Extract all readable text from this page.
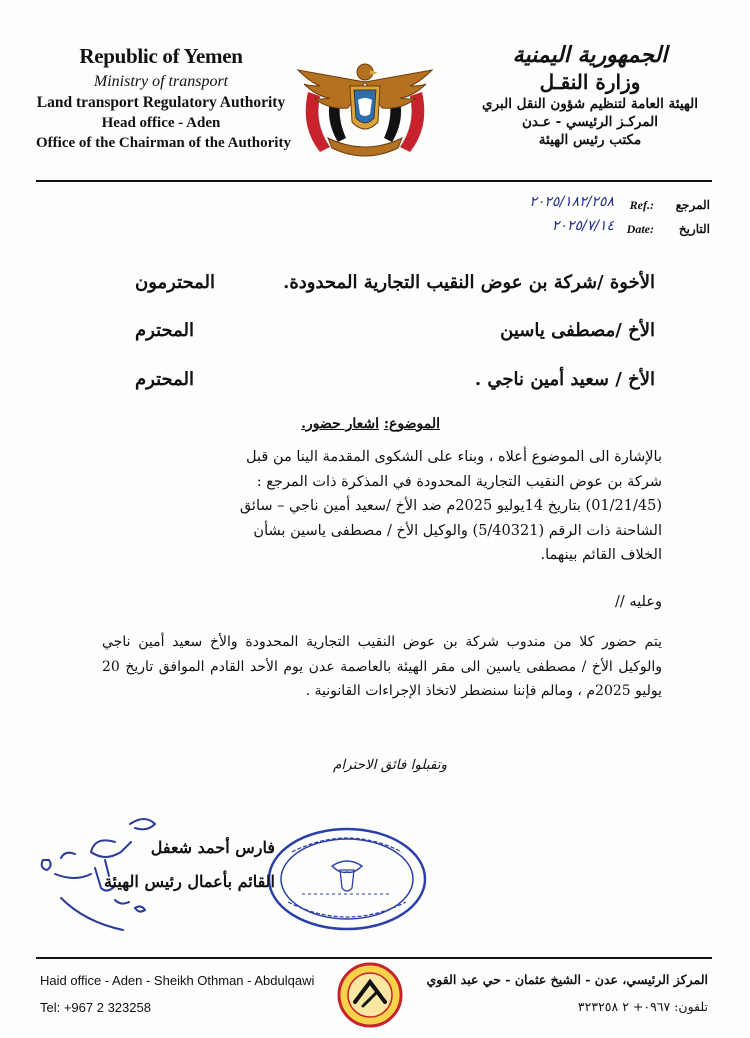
Republic of Yemen
Ministry of transport
Land transport Regulatory Authority
Head office - Aden
Office of the Chairman of the Authority
الجمهورية اليمنية
وزارة النقـل
الهيئة العامة لتنظيم شؤون النقل البري
المركـز الرئيسي - عـدن
مكتب رئيس الهيئة
المرجع
Ref.:
٢٠٢٥/١٨٢/٢٥٨
التاريخ
Date:
٢٠٢٥/٧/١٤
الأخوة /شركة بن عوض النقيب التجارية المحدودة.
المحترمون
الأخ /مصطفى ياسين
المحترم
الأخ / سعيد أمين ناجي .
المحترم
الموضوع: اشعار حضور.
بالإشارة الى الموضوع أعلاه ، وبناء على الشكوى المقدمة الينا من قبل
شركة بن عوض النقيب التجارية المحدودة في المذكرة ذات المرجع :
(01/21/45) بتاريخ 14يوليو 2025م ضد الأخ /سعيد أمين ناجي – سائق
الشاحنة ذات الرقم (5/40321) والوكيل الأخ / مصطفى ياسين بشأن
الخلاف القائم بينهما.
وعليه //
يتم حضور كلا من مندوب شركة بن عوض النقيب التجارية المحدودة والأخ سعيد أمين ناجي والوكيل الأخ / مصطفى ياسين الى مقر الهيئة بالعاصمة عدن يوم الأحد القادم الموافق تاريخ 20 يوليو 2025م ، ومالم فإننا سنضطر لاتخاذ الإجراءات القانونية .
وتقبلوا فائق الاحترام
فارس أحمد شعفل
القائم بأعمال رئيس الهيئة
Haid office - Aden - Sheikh Othman - Abdulqawi
Tel: +967 2 323258
المركز الرئيسي، عدن - الشيخ عثمان - حي عبد القوي
تلفون: ٠٩٦٧+ ٢ ٣٢٣٢٥٨
